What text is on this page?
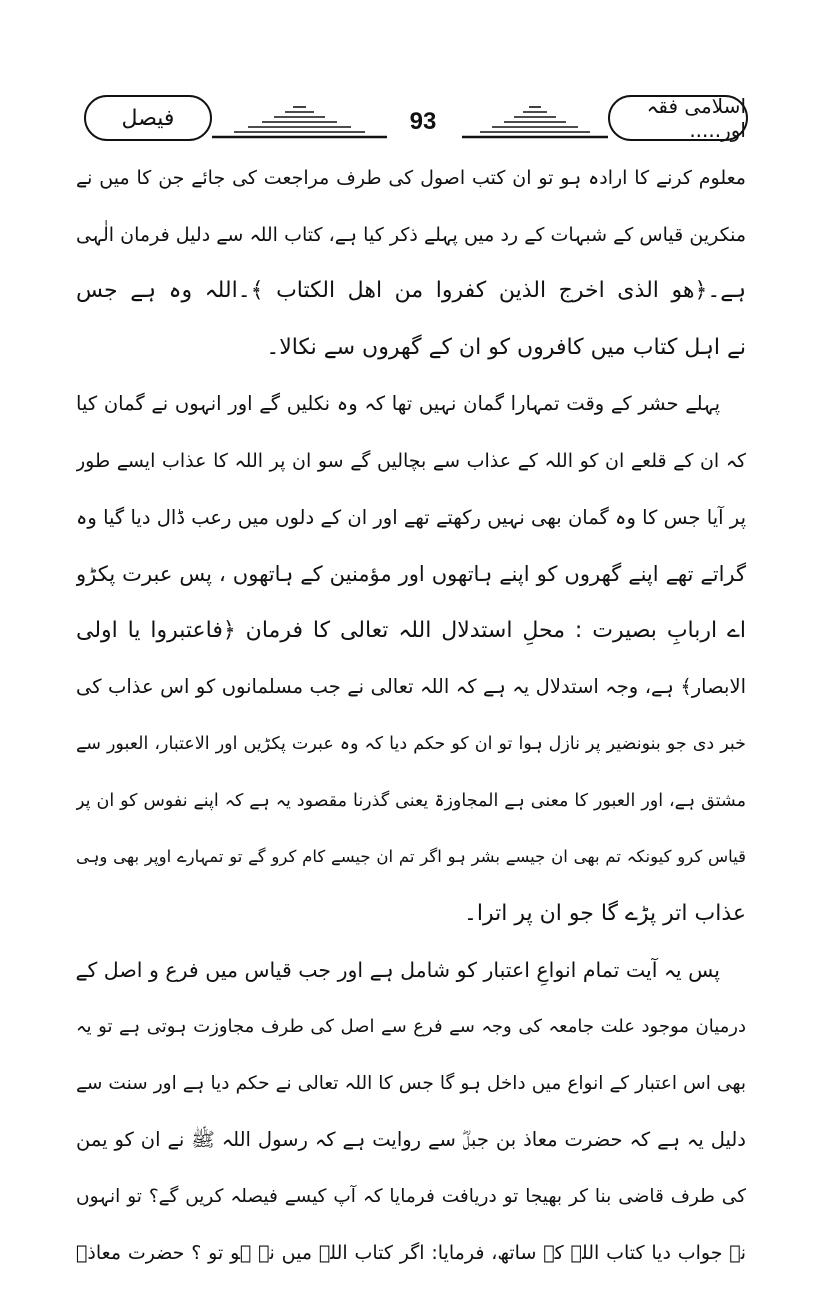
فیصل	93
اسلامی فقہ اور.....
معلوم کرنے کا ارادہ ہو تو ان کتب اصول کی طرف مراجعت کی جائے جن کا میں نے
منکرین قیاس کے شبہات کے رد میں پہلے ذکر کیا ہے، کتاب اللہ سے دلیل فرمان الٰہی
ہے۔﴿هو الذى اخرج الذين كفروا من اهل الكتاب ﴾۔اللہ وہ ہے جس
نے اہل کتاب میں کافروں کو ان کے گھروں سے نکالا۔
پہلے حشر کے وقت تمہارا گمان نہیں تھا کہ وہ نکلیں گے اور انہوں نے گمان کیا
کہ ان کے قلعے ان کو اللہ کے عذاب سے بچالیں گے سو ان پر اللہ کا عذاب ایسے طور
پر آیا جس کا وہ گمان بھی نہیں رکھتے تھے اور ان کے دلوں میں رعب ڈال دیا گیا وہ
گراتے تھے اپنے گھروں کو اپنے ہاتھوں اور مؤمنین کے ہاتھوں ، پس عبرت پکڑو
اے اربابِ بصیرت : محلِ استدلال اللہ تعالی کا فرمان ﴿فاعتبروا يا اولى
الابصار﴾ ہے، وجہ استدلال یہ ہے کہ اللہ تعالی نے جب مسلمانوں کو اس عذاب کی
خبر دی جو بنونضیر پر نازل ہوا تو ان کو حکم دیا کہ وہ عبرت پکڑیں اور الاعتبار، العبور سے
مشتق ہے، اور العبور کا معنی ہے المجاوزۃ یعنی گذرنا مقصود یہ ہے کہ اپنے نفوس کو ان پر
قیاس کرو کیونکہ تم بھی ان جیسے بشر ہو اگر تم ان جیسے کام کرو گے تو تمہارے اوپر بھی وہی
عذاب اتر پڑے گا جو ان پر اترا۔
پس یہ آیت تمام انواعِ اعتبار کو شامل ہے اور جب قیاس میں فرع و اصل کے
درمیان موجود علت جامعہ کی وجہ سے فرع سے اصل کی طرف مجاوزت ہوتی ہے تو یہ
بھی اس اعتبار کے انواع میں داخل ہو گا جس کا اللہ تعالی نے حکم دیا ہے اور سنت سے
دلیل یہ ہے کہ حضرت معاذ بن جبلؓ سے روایت ہے کہ رسول اللہ ﷺ نے ان کو یمن
کی طرف قاضی بنا کر بھیجا تو دریافت فرمایا کہ آپ کیسے فیصلہ کریں گے؟ تو انہوں
نے جواب دیا کتاب اللہ کے ساتھ، فرمایا: اگر کتاب اللہ میں نہ ہو تو ؟ حضرت معاذؓ
